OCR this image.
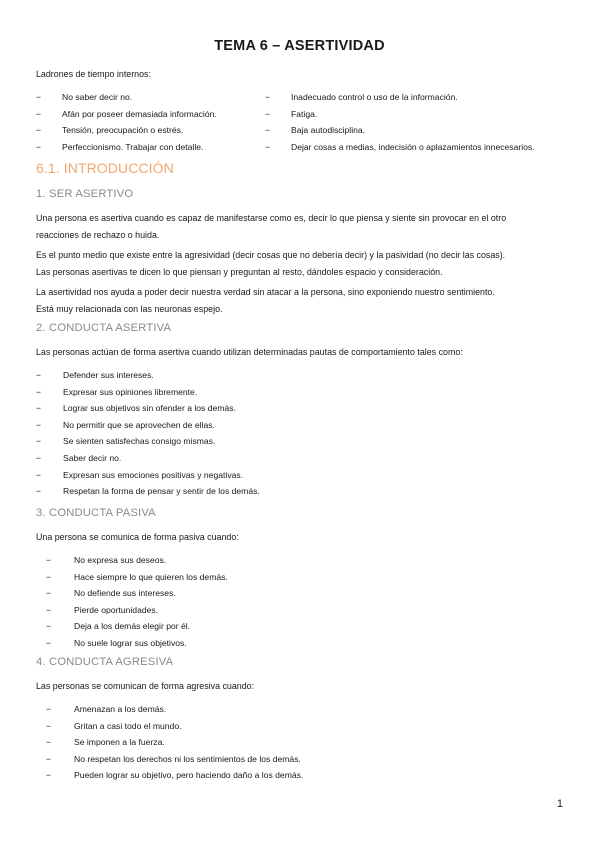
TEMA 6 – ASERTIVIDAD
Ladrones de tiempo internos:
−	No saber decir no.
−	Afán por poseer demasiada información.
−	Tensión, preocupación o estrés.
−	Perfeccionismo. Trabajar con detalle.
−	Inadecuado control o uso de la información.
−	Fatiga.
−	Baja autodisciplina.
−	Dejar cosas a medias, indecisión o aplazamientos innecesarios.
6.1. INTRODUCCIÓN
1. SER ASERTIVO
Una persona es asertiva cuando es capaz de manifestarse como es, decir lo que piensa y siente sin provocar en el otro
reacciones de rechazo o huida.
Es el punto medio que existe entre la agresividad (decir cosas que no debería decir) y la pasividad (no decir las cosas).
Las personas asertivas te dicen lo que piensan y preguntan al resto, dándoles espacio y consideración.
La asertividad nos ayuda a poder decir nuestra verdad sin atacar a la persona, sino exponiendo nuestro sentimiento.
Está muy relacionada con las neuronas espejo.
2. CONDUCTA ASERTIVA
Las personas actúan de forma asertiva cuando utilizan determinadas pautas de comportamiento tales como:
−	Defender sus intereses.
−	Expresar sus opiniones libremente.
−	Lograr sus objetivos sin ofender a los demás.
−	No permitir que se aprovechen de ellas.
−	Se sienten satisfechas consigo mismas.
−	Saber decir no.
−	Expresan sus emociones positivas y negativas.
−	Respetan la forma de pensar y sentir de los demás.
3. CONDUCTA PASIVA
Una persona se comunica de forma pasiva cuando:
−	No expresa sus deseos.
−	Hace siempre lo que quieren los demás.
−	No defiende sus intereses.
−	Pierde oportunidades.
−	Deja a los demás elegir por él.
−	No suele lograr sus objetivos.
4. CONDUCTA AGRESIVA
Las personas se comunican de forma agresiva cuando:
−	Amenazan a los demás.
−	Gritan a casi todo el mundo.
−	Se imponen a la fuerza.
−	No respetan los derechos ni los sentimientos de los demás.
−	Pueden lograr su objetivo, pero haciendo daño a los demás.
1
